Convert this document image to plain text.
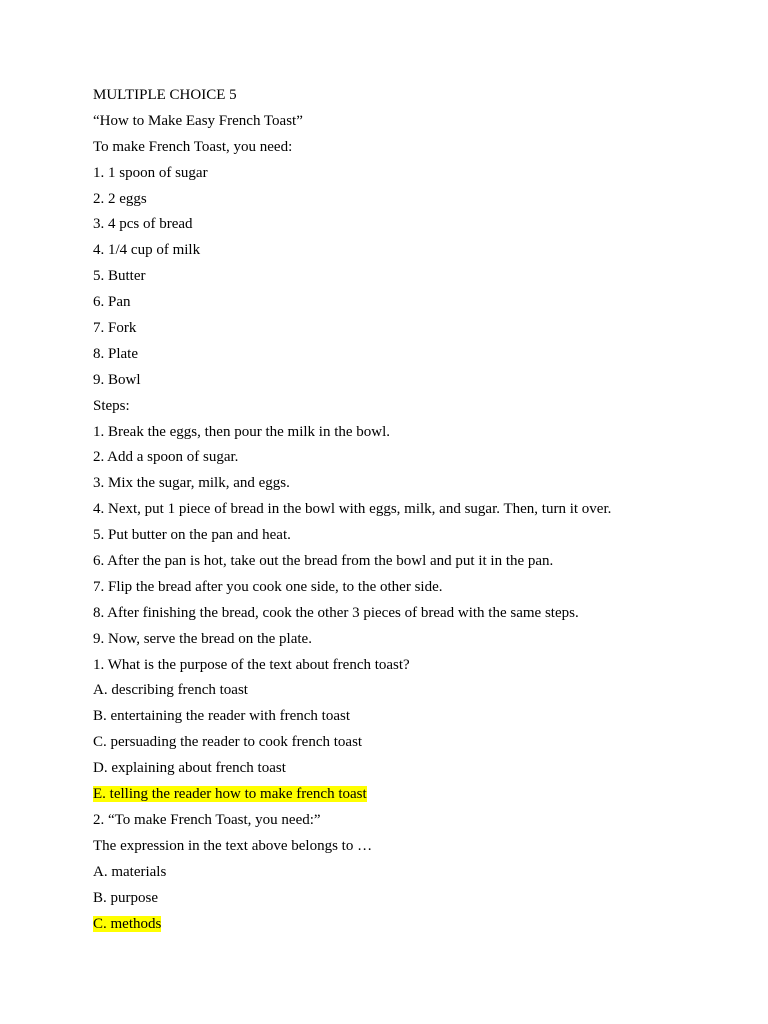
MULTIPLE CHOICE 5
“How to Make Easy French Toast”
To make French Toast, you need:
1. 1 spoon of sugar
2. 2 eggs
3. 4 pcs of bread
4. 1/4 cup of milk
5. Butter
6. Pan
7. Fork
8. Plate
9. Bowl
Steps:
1. Break the eggs, then pour the milk in the bowl.
2. Add a spoon of sugar.
3. Mix the sugar, milk, and eggs.
4. Next, put 1 piece of bread in the bowl with eggs, milk, and sugar. Then, turn it over.
5. Put butter on the pan and heat.
6. After the pan is hot, take out the bread from the bowl and put it in the pan.
7. Flip the bread after you cook one side, to the other side.
8. After finishing the bread, cook the other 3 pieces of bread with the same steps.
9. Now, serve the bread on the plate.
1. What is the purpose of the text about french toast?
A. describing french toast
B. entertaining the reader with french toast
C. persuading the reader to cook french toast
D. explaining about french toast
E. telling the reader how to make french toast
2. “To make French Toast, you need:”
The expression in the text above belongs to …
A. materials
B. purpose
C. methods
